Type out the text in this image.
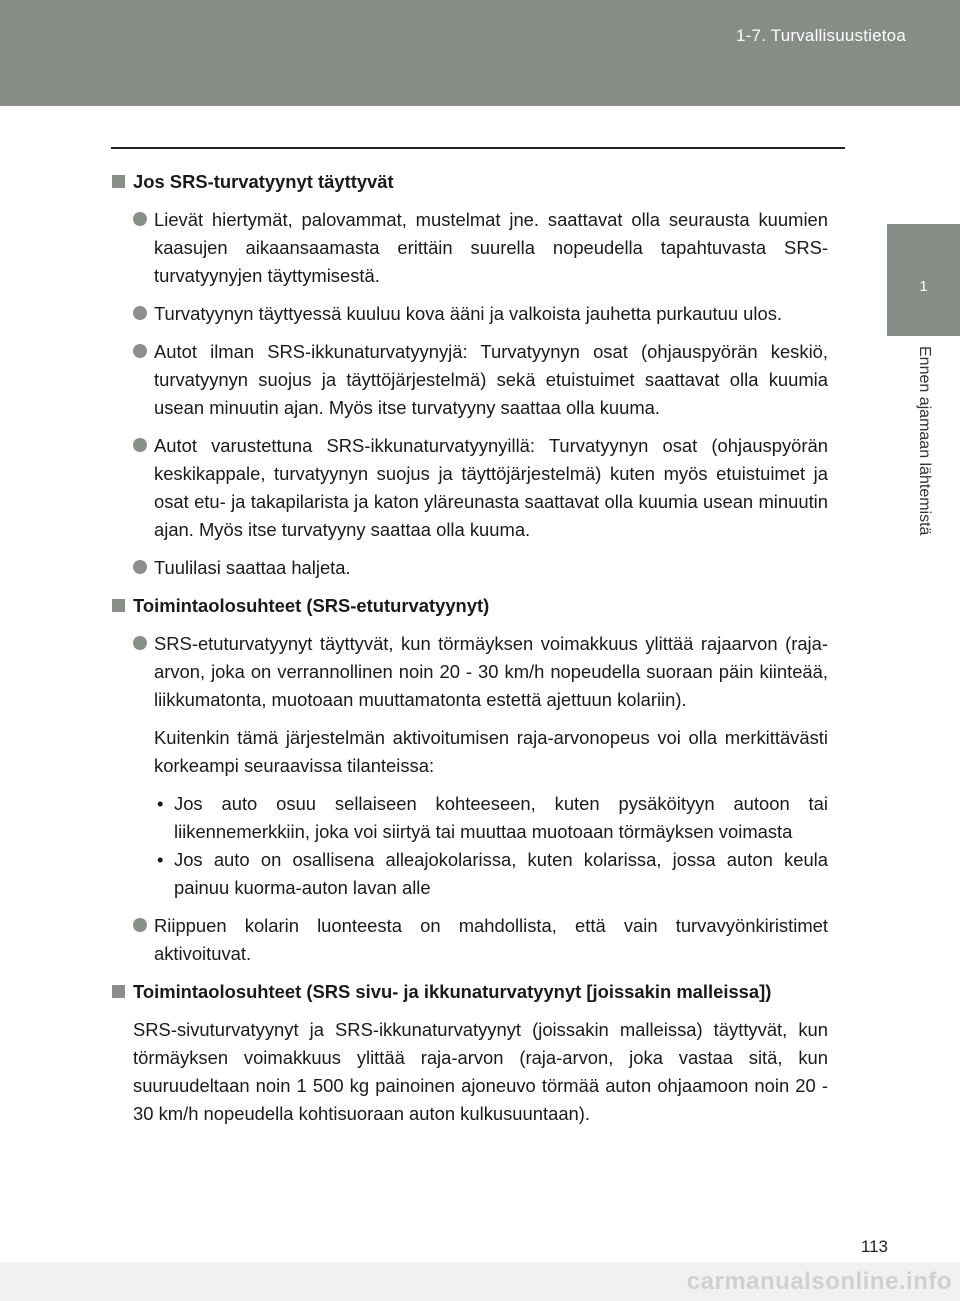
1-7. Turvallisuustietoa
1
Ennen ajamaan lähtemistä
Jos SRS-turvatyynyt täyttyvät
Lievät hiertymät, palovammat, mustelmat jne. saattavat olla seurausta kuumien kaasujen aikaansaamasta erittäin suurella nopeudella tapahtuvasta SRS-turvatyynyjen täyttymisestä.
Turvatyynyn täyttyessä kuuluu kova ääni ja valkoista jauhetta purkautuu ulos.
Autot ilman SRS-ikkunaturvatyynyjä: Turvatyynyn osat (ohjauspyörän keskiö, turvatyynyn suojus ja täyttöjärjestelmä) sekä etuistuimet saattavat olla kuumia usean minuutin ajan. Myös itse turvatyyny saattaa olla kuuma.
Autot varustettuna SRS-ikkunaturvatyynyillä: Turvatyynyn osat (ohjauspyörän keskikappale, turvatyynyn suojus ja täyttöjärjestelmä) kuten myös etuistuimet ja osat etu- ja takapilarista ja katon yläreunasta saattavat olla kuumia usean minuutin ajan. Myös itse turvatyyny saattaa olla kuuma.
Tuulilasi saattaa haljeta.
Toimintaolosuhteet (SRS-etuturvatyynyt)
SRS-etuturvatyynyt täyttyvät, kun törmäyksen voimakkuus ylittää rajaarvon (raja-arvon, joka on verrannollinen noin 20 - 30 km/h nopeudella suoraan päin kiinteää, liikkumatonta, muotoaan muuttamatonta estettä ajettuun kolariin).
Kuitenkin tämä järjestelmän aktivoitumisen raja-arvonopeus voi olla merkittävästi korkeampi seuraavissa tilanteissa:
• Jos auto osuu sellaiseen kohteeseen, kuten pysäköityyn autoon tai liikennemerkkiin, joka voi siirtyä tai muuttaa muotoaan törmäyksen voimasta
• Jos auto on osallisena alleajokolarissa, kuten kolarissa, jossa auton keula painuu kuorma-auton lavan alle
Riippuen kolarin luonteesta on mahdollista, että vain turvavyönkiristimet aktivoituvat.
Toimintaolosuhteet (SRS sivu- ja ikkunaturvatyynyt [joissakin malleissa])
SRS-sivuturvatyynyt ja SRS-ikkunaturvatyynyt (joissakin malleissa) täyttyvät, kun törmäyksen voimakkuus ylittää raja-arvon (raja-arvon, joka vastaa sitä, kun suuruudeltaan noin 1 500 kg painoinen ajoneuvo törmää auton ohjaamoon noin 20 - 30 km/h nopeudella kohtisuoraan auton kulkusuuntaan).
113
carmanualsonline.info
